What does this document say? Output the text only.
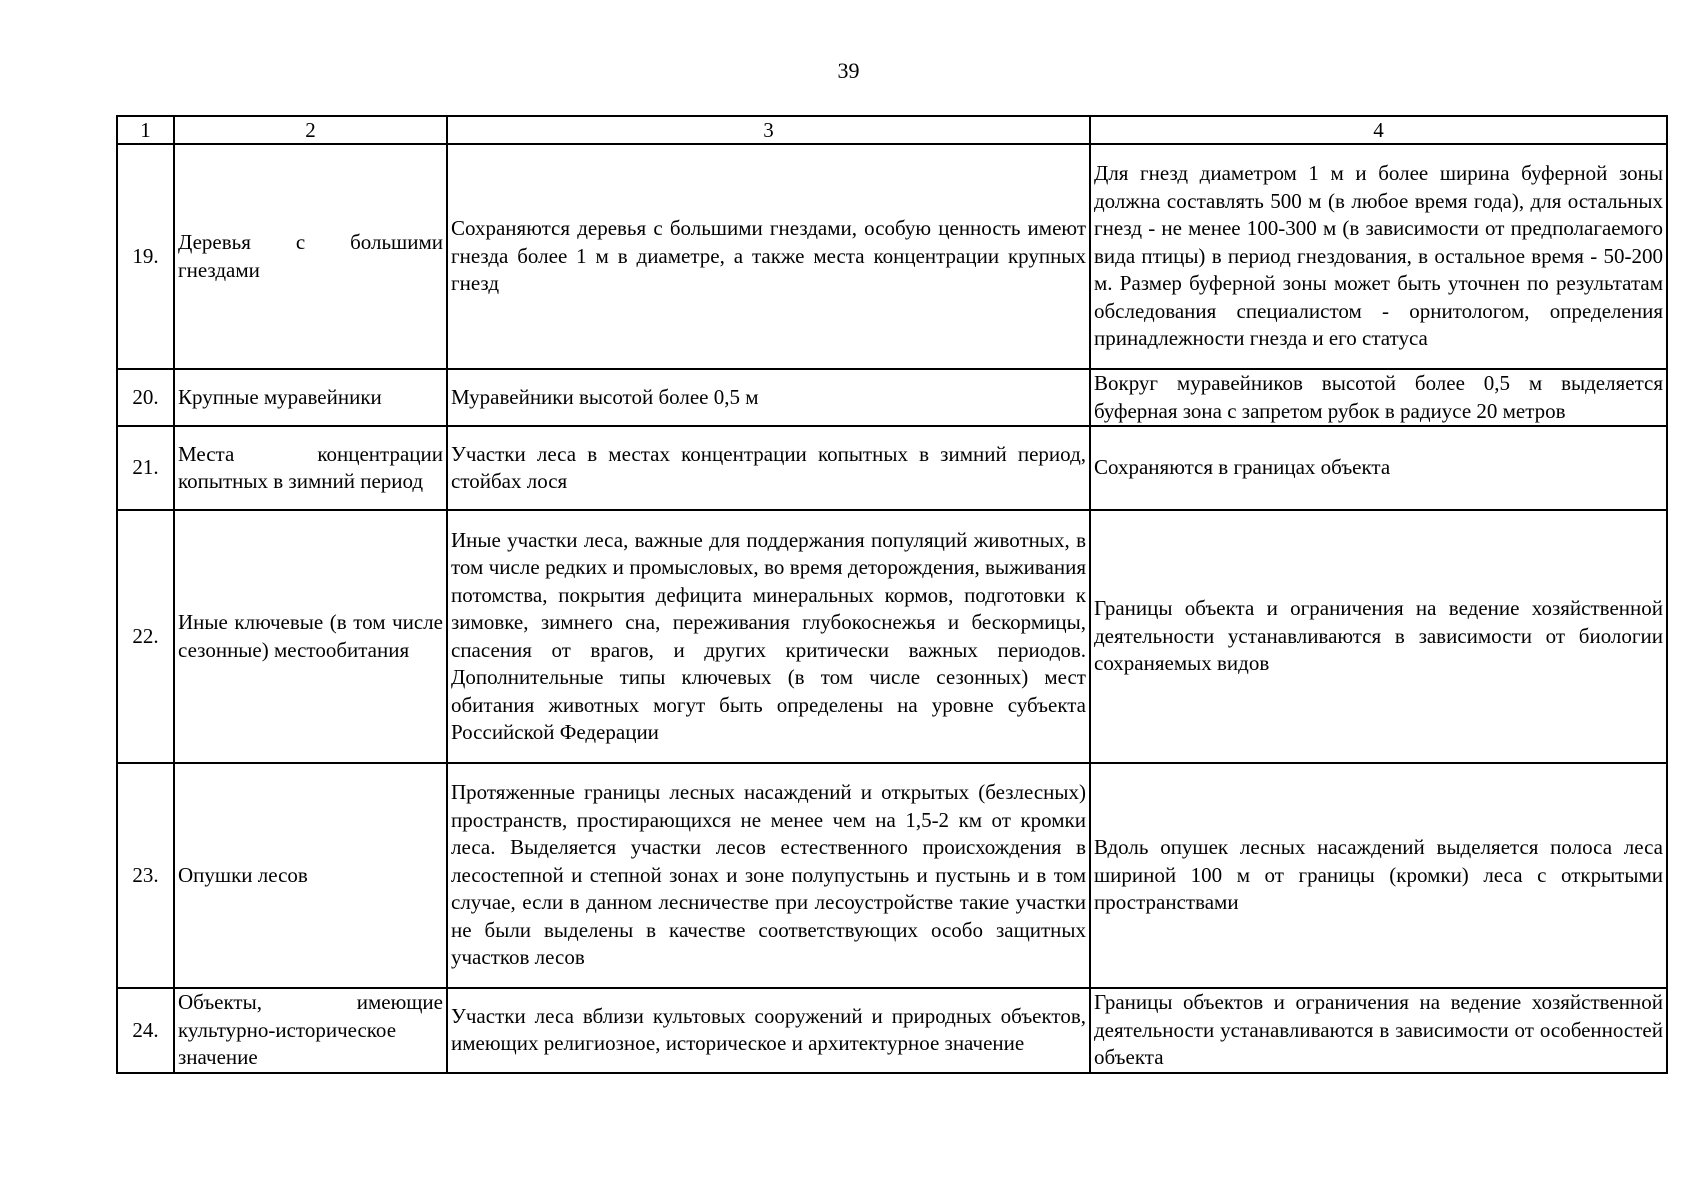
39
1	2	3	4
19.	Деревья с большими гнездами	Сохраняются деревья с большими гнездами, особую ценность имеют гнезда более 1 м в диаметре, а также места концентрации крупных гнезд	Для гнезд диаметром 1 м и более ширина буферной зоны должна составлять 500 м (в любое время года), для остальных гнезд - не менее 100-300 м (в зависимости от предполагаемого вида птицы) в период гнездования, в остальное время - 50-200 м. Размер буферной зоны может быть уточнен по результатам обследования специалистом - орнитологом, определения принадлежности гнезда и его статуса
20.	Крупные муравейники	Муравейники высотой более 0,5 м	Вокруг муравейников высотой более 0,5 м выделяется буферная зона с запретом рубок в радиусе 20 метров
21.	Места концентрации копытных в зимний период	Участки леса в местах концентрации копытных в зимний период, стойбах лося	Сохраняются в границах объекта
22.	Иные ключевые (в том числе сезонные) местообитания	Иные участки леса, важные для поддержания популяций животных, в том числе редких и промысловых, во время деторождения, выживания потомства, покрытия дефицита минеральных кормов, подготовки к зимовке, зимнего сна, переживания глубокоснежья и бескормицы, спасения от врагов, и других критически важных периодов. Дополнительные типы ключевых (в том числе сезонных) мест обитания животных могут быть определены на уровне субъекта Российской Федерации	Границы объекта и ограничения на ведение хозяйственной деятельности устанавливаются в зависимости от биологии сохраняемых видов
23.	Опушки лесов	Протяженные границы лесных насаждений и открытых (безлесных) пространств, простирающихся не менее чем на 1,5-2 км от кромки леса. Выделяется участки лесов естественного происхождения в лесостепной и степной зонах и зоне полупустынь и пустынь и в том случае, если в данном лесничестве при лесоустройстве такие участки не были выделены в качестве соответствующих особо защитных участков лесов	Вдоль опушек лесных насаждений выделяется полоса леса шириной 100 м от границы (кромки) леса с открытыми пространствами
24.	Объекты, имеющие культурно-историческое значение	Участки леса вблизи культовых сооружений и природных объектов, имеющих религиозное, историческое и архитектурное значение	Границы объектов и ограничения на ведение хозяйственной деятельности устанавливаются в зависимости от особенностей объекта
